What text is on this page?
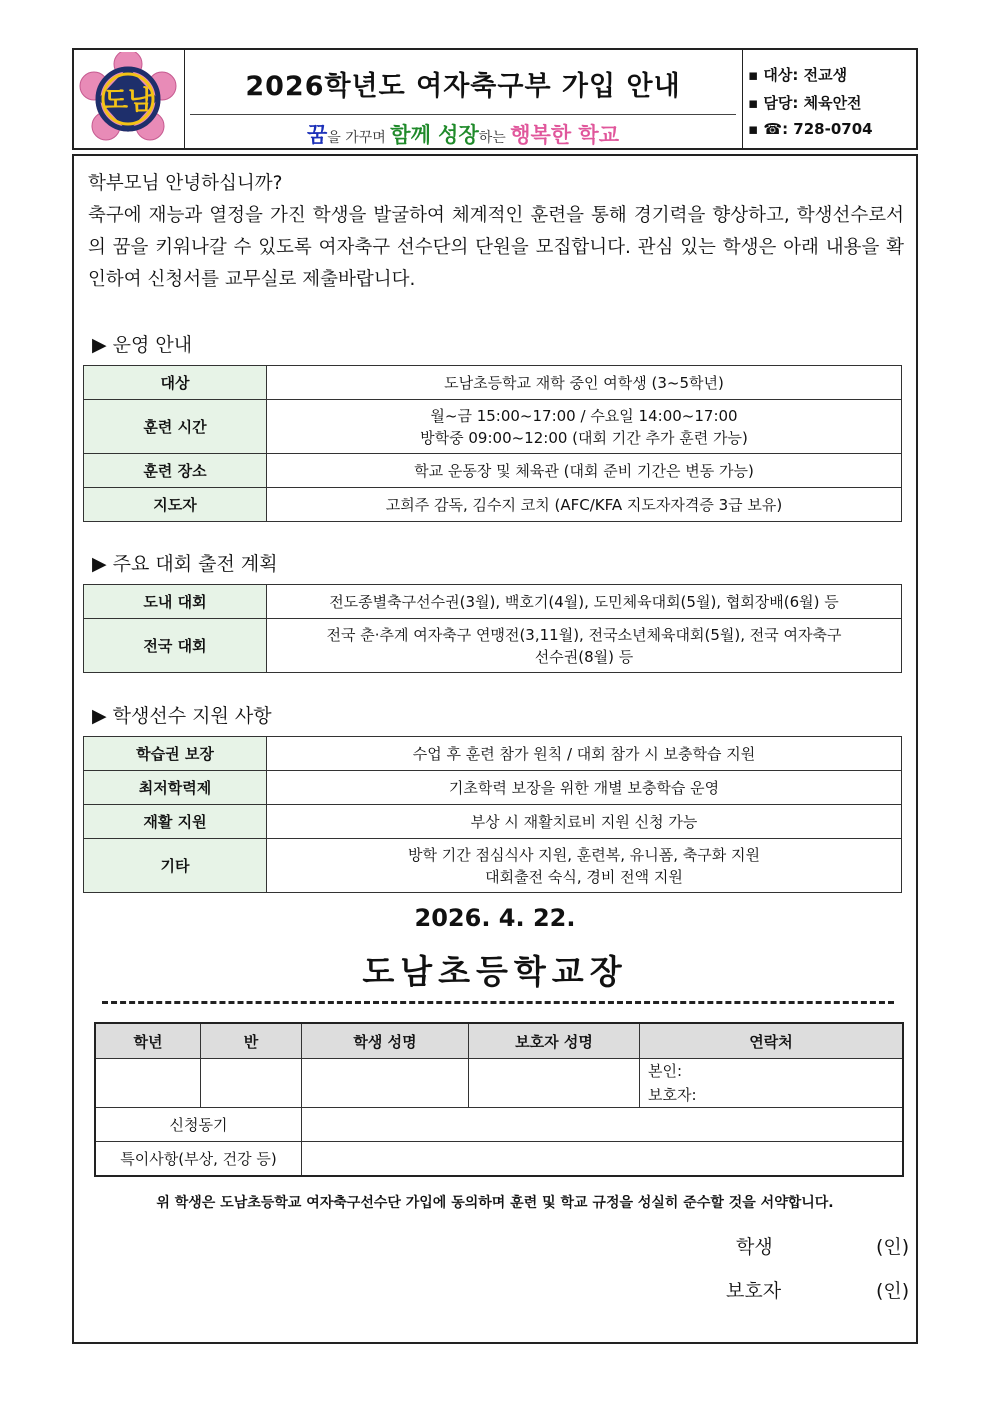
도남	2026학년도 여자축구부 가입 안내
꿈을 가꾸며 함께 성장하는 행복한 학교
▪ 대상: 전교생
▪ 담당: 체육안전
▪ ☎: 728-0704
학부모님 안녕하십니까?
축구에 재능과 열정을 가진 학생을 발굴하여 체계적인 훈련을 통해 경기력을 향상하고, 학생선수로서의 꿈을 키워나갈 수 있도록 여자축구 선수단의 단원을 모집합니다. 관심 있는 학생은 아래 내용을 확인하여 신청서를 교무실로 제출바랍니다.
▶ 운영 안내
대상	도남초등학교 재학 중인 여학생 (3~5학년)
훈련 시간	월~금 15:00~17:00 / 수요일 14:00~17:00
방학중 09:00~12:00 (대회 기간 추가 훈련 가능)

훈련 장소	학교 운동장 및 체육관 (대회 준비 기간은 변동 가능)
지도자	고희주 감독, 김수지 코치 (AFC/KFA 지도자자격증 3급 보유)
▶ 주요 대회 출전 계획
도내 대회	전도종별축구선수권(3월), 백호기(4월), 도민체육대회(5월), 협회장배(6월) 등
전국 대회	전국 춘·추계 여자축구 연맹전(3,11월), 전국소년체육대회(5월), 전국 여자축구
선수권(8월) 등
▶ 학생선수 지원 사항
학습권 보장	수업 후 훈련 참가 원칙 / 대회 참가 시 보충학습 지원
최저학력제	기초학력 보장을 위한 개별 보충학습 운영
재활 지원	부상 시 재활치료비 지원 신청 가능
기타	방학 기간 점심식사 지원, 훈련복, 유니폼, 축구화 지원
대회출전 숙식, 경비 전액 지원
2026. 4. 22.
도남초등학교장
학년	반	학생 성명	보호자 성명	연락처

				본인:
보호자:

신청동기				
특이사항(부상, 건강 등)				
위 학생은 도남초등학교 여자축구선수단 가입에 동의하며 훈련 및 학교 규정을 성실히 준수할 것을 서약합니다.
학생	(인)
보호자	(인)
